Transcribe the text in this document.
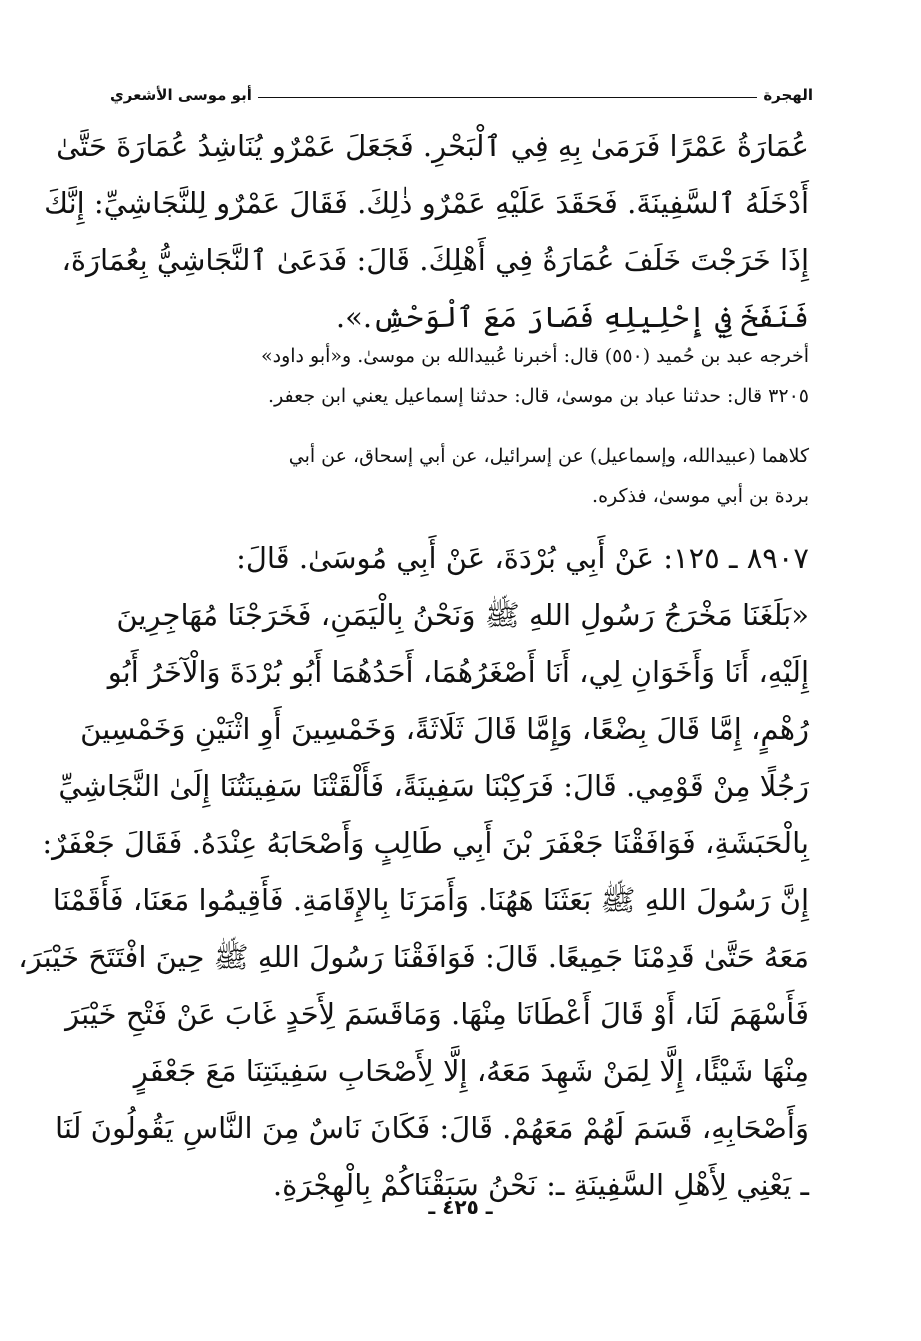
الهجرة
أبو موسى الأشعري
عُمَارَةُ عَمْرًا فَرَمَىٰ بِهِ فِي ٱلْبَحْرِ. فَجَعَلَ عَمْرٌو يُنَاشِدُ عُمَارَةَ حَتَّىٰ
أَدْخَلَهُ ٱلسَّفِينَةَ. فَحَقَدَ عَلَيْهِ عَمْرٌو ذٰلِكَ. فَقَالَ عَمْرٌو لِلنَّجَاشِيِّ: إِنَّكَ
إِذَا خَرَجْتَ خَلَفَ عُمَارَةُ فِي أَهْلِكَ. قَالَ: فَدَعَىٰ ٱلنَّجَاشِيُّ بِعُمَارَةَ،
فَنَفَخَ فِي إِحْلِيلِهِ فَصَارَ مَعَ ٱلْوَحْشِ.».
أخرجه عبد بن حُميد (٥٥٠) قال: أخبرنا عُبيدالله بن موسىٰ. و«أبو داود»
٣٢٠٥ قال: حدثنا عباد بن موسىٰ، قال: حدثنا إسماعيل يعني ابن جعفر.
كلاهما (عبيدالله، وإسماعيل) عن إسرائيل، عن أبي إسحاق، عن أبي
بردة بن أبي موسىٰ، فذكره.
٨٩٠٧ ـ ١٢٥: عَنْ أَبِي بُرْدَةَ، عَنْ أَبِي مُوسَىٰ. قَالَ:
«بَلَغَنَا مَخْرَجُ رَسُولِ اللهِ ﷺ وَنَحْنُ بِالْيَمَنِ، فَخَرَجْنَا مُهَاجِرِينَ
إِلَيْهِ، أَنَا وَأَخَوَانِ لِي، أَنَا أَصْغَرُهُمَا، أَحَدُهُمَا أَبُو بُرْدَةَ وَالْآخَرُ أَبُو
رُهْمٍ، إِمَّا قَالَ بِضْعًا، وَإِمَّا قَالَ ثَلَاثَةً، وَخَمْسِينَ أَوِ اثْنَيْنِ وَخَمْسِينَ
رَجُلًا مِنْ قَوْمِي. قَالَ: فَرَكِبْنَا سَفِينَةً، فَأَلْقَتْنَا سَفِينَتُنَا إِلَىٰ النَّجَاشِيِّ
بِالْحَبَشَةِ، فَوَافَقْنَا جَعْفَرَ بْنَ أَبِي طَالِبٍ وَأَصْحَابَهُ عِنْدَهُ. فَقَالَ جَعْفَرٌ:
إِنَّ رَسُولَ اللهِ ﷺ بَعَثَنَا هَهُنَا. وَأَمَرَنَا بِالإِقَامَةِ. فَأَقِيمُوا مَعَنَا، فَأَقَمْنَا
مَعَهُ حَتَّىٰ قَدِمْنَا جَمِيعًا. قَالَ: فَوَافَقْنَا رَسُولَ اللهِ ﷺ حِينَ افْتَتَحَ خَيْبَرَ،
فَأَسْهَمَ لَنَا، أَوْ قَالَ أَعْطَانَا مِنْهَا. وَمَاقَسَمَ لِأَحَدٍ غَابَ عَنْ فَتْحِ خَيْبَرَ
مِنْهَا شَيْئًا، إِلَّا لِمَنْ شَهِدَ مَعَهُ، إِلَّا لِأَصْحَابِ سَفِينَتِنَا مَعَ جَعْفَرٍ
وَأَصْحَابِهِ، قَسَمَ لَهُمْ مَعَهُمْ. قَالَ: فَكَانَ نَاسٌ مِنَ النَّاسِ يَقُولُونَ لَنَا
ـ يَعْنِي لِأَهْلِ السَّفِينَةِ ـ: نَحْنُ سَبَقْنَاكُمْ بِالْهِجْرَةِ.
ـ ٤٢٥ ـ
